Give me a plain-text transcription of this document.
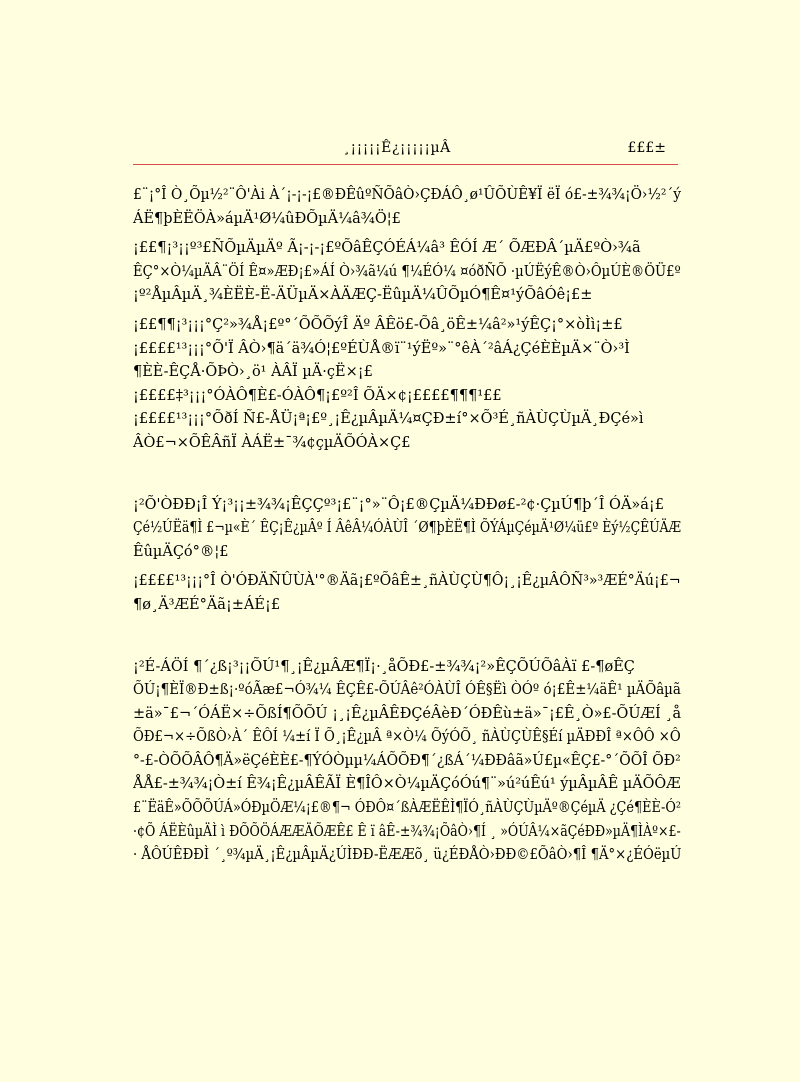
¸¡¡¡¡¡Ê¿¡¡¡¡¡µÂ	£££±

£¨¡°Î Ò¸Õµ½²¨Ô'Ài À´¡-¡-¡£®ÐÊûºÑÕâÒ›ÇÐÁÔ¸ø¹ÛÕÙÊ¥Ï ëÏ ó£-±¾¾¡Ö›½²´ý

ÁË¶þÈËÖÀ»áµÄ¹Ø¼ûÐÕµÄ¼â¾Ö¦£

¡££¶¡³¡¡º³£ÑÕµÄµÄº Ã¡-¡-¡£ºÕâÊÇÓÉÁ¼â³ ÊÓÍ Æ´ ÕÆÐÂ´µÄ£ºÒ›¾ã

ÊÇ°×Ò¼µÄÂ¨ÖÍ Ê¤»ÆÐ¡£»ÁÍ Ò›¾ã¼ú ¶¼ÉÓ¼ ¤óðÑÕ ·µÚËýÊ®Ò›ÔµÚÈ®ÖÜ£º

¡º²ÅµÂµÄ¸¾ÈËÈ-Ë-ÄÜµÄ×ÀÄÆÇ-ËûµÄ¼ÛÕµÓ¶Ê¤¹ýÕâÓê¡£±

¡££¶¶¡³¡¡¡°Ç²»¾Å¡£º°´ÕÕÕýÎ Äº ÂÊö£-Õâ¸öÊ±¼â²»¹ýÊÇ¡°×òÌì¡±£

¡££££¹³¡¡¡°Õ'Ï ÂÒ›¶ä´ä¾Ó¦£ºÉÙÅ®ï¨¹ýËº»¨°êÀ´²âÁ¿ÇéÈÈµÄ×¨Ò›³Ì

¶ÈÈ-ÊÇÅ·ÕÞÒ›¸ö¹ ÀÂÏ µÄ·çË×¡£

¡££££‡³¡¡¡°ÓÀÔ¶È£-ÓÀÔ¶¡£º²Î ÕÄ×¢¡££££¶¶¶¹££

¡££££¹³¡¡¡°ÕðÍ Ñ£-ÅÜ¡ª¡£º¸¡Ê¿µÂµÄ¼¤ÇÐ±í°×Õ³É¸ñÀÙÇÙµÄ¸ÐÇé»ì

ÂÒ£¬×ÕÊÂñÏ ÀÁË±¯¾¢çµÄÕÓÀ×Ç£

¡²Õ'ÒÐÐ¡Î Ý¡³¡¡±¾¾¡ÊÇÇº³¡£¨¡°»¨Ô¡£®ÇµÄ¼ÐÐø£-²¢·ÇµÚ¶þ´Î ÓÄ»á¡£

Çé½ÚËä¶Ì £¬µ«È´ ÊÇ¡Ê¿µÂº Í ÂêÂ¼ÓÀÙÎ ´Ø¶þÈË¶Ì ÕÝÁµÇéµÄ¹Ø¼ü£º Èý½ÇÊÚÄÆ

ÊûµÄÇó°®¦£

¡££££¹³¡¡¡°Î Ò'ÓÐÄÑÛÙÀ'°®Äã¡£ºÕâÊ±¸ñÀÙÇÙ¶Ô¡¸¡Ê¿µÂÔÑ³»³ÆÉ°Äú¡£¬

¶ø¸Ä³ÆÉ°Äã¡±ÁÉ¡£

¡²É-ÁÖÍ ¶´¿ß¡³¡¡ÕÚ¹¶¸¡Ê¿µÂÆ¶Ï¡·¸åÕÐ£-±¾¾¡²»ÊÇÕÚÕâÀï £-¶øÊÇ

ÕÚ¡¶ÈÏ®Ð±ß¡·ºóÃæ£¬Ó¾¼ ÊÇÊ£-ÕÚÂê²ÓÀÙÎ ÓÊ§Ëì ÒÓº ó¡£Ê±¼äÊ¹ µÄÕâµã

±ä»¯£¬´ÓÁË×÷ÕßÍ¶ÕÕÚ ¡¸¡Ê¿µÂÊÐÇéÂèÐ´ÓÐÊù±ä»¯¡£Ê¸Ò»£-ÕÚÆÍ ¸å

ÕÐ£¬×÷ÕßÒ›À´ ÊÔÍ ¼±í Ï Õ¸¡Ê¿µÂ ª×Ò¼ ÕýÓÕ¸ ñÀÙÇÙÊ§Éí µÄÐÐÎ ª×ÔÔ ×Ô

°-£-ÒÕÕÂÔ¶Ä»ëÇéÈÈ£-¶ÝÓÒµµ¼ÁÕÕÐ¶´¿ßÁ´¼ÐÐâã»Ú£µ«ÊÇ£-°´ÕÕÎ ÕÐ²

ÅÅ£-±¾¾¡Ò±í Ê¾¡Ê¿µÂÊÃÏ È¶ÎÔ×Ò¼µÄÇóÓú¶¨»ú²úÊú¹ ýµÂµÂÊ µÄÕÔÆ

£¨ËäÊ»ÕÕÕÚÁ»ÓÐµÖÆ¼¡£®¶¬ ÓÐÔ¤´ßÀÆËÊÌ¶ÏÓ¸ñÀÙÇÙµÄº®ÇéµÄ ¿Çé¶ÈÈ-Ó²

·¢Õ ÁËÈûµÄÌ ì ÐÕÕÖÁÆÆÄÕÆÊ£ Ê ï âÊ-±¾¾¡ÕâÒ›¶Í ¸ »ÓÚÂ¼×ãÇéÐÐ»µÄ¶ÌÀº×£-

· ÅÔÚÊÐÐÌ ´¸º¾µÄ¸¡Ê¿µÂµÄ¿ÚÌÐÐ-ËÆÆõ¸ ü¿ÉÐÅÒ›ÐÐ©£ÕâÒ›¶Î ¶Ä°×¿ÉÓëµÚ
